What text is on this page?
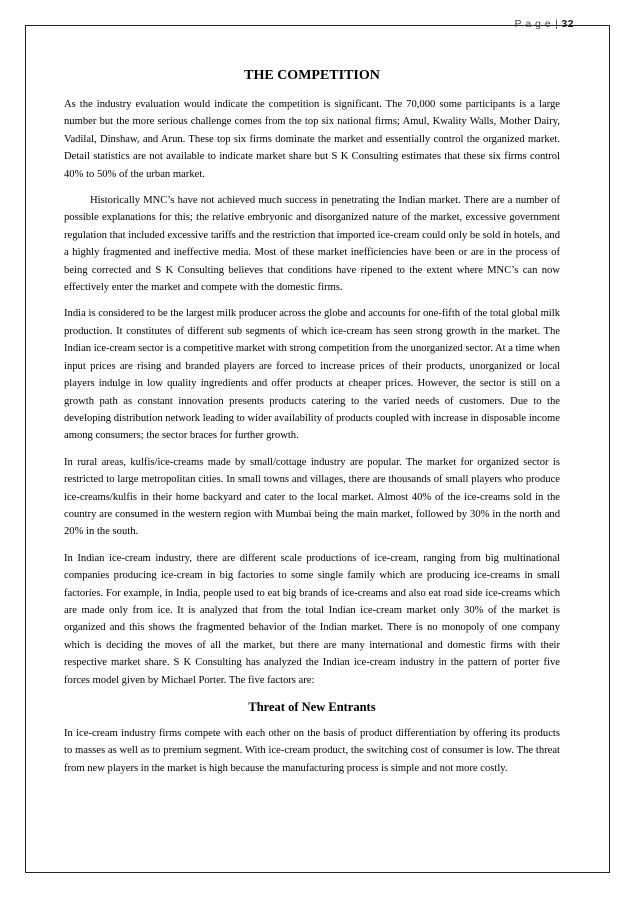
P a g e | 32
THE COMPETITION

As the industry evaluation would indicate the competition is significant. The 70,000 some participants is a large number but the more serious challenge comes from the top six national firms; Amul, Kwality Walls, Mother Dairy, Vadilal, Dinshaw, and Arun. These top six firms dominate the market and essentially control the organized market. Detail statistics are not available to indicate market share but S K Consulting estimates that these six firms control 40% to 50% of the urban market.

Historically MNC’s have not achieved much success in penetrating the Indian market. There are a number of possible explanations for this; the relative embryonic and disorganized nature of the market, excessive government regulation that included excessive tariffs and the restriction that imported ice-cream could only be sold in hotels, and a highly fragmented and ineffective media. Most of these market inefficiencies have been or are in the process of being corrected and S K Consulting believes that conditions have ripened to the extent where MNC’s can now effectively enter the market and compete with the domestic firms.

India is considered to be the largest milk producer across the globe and accounts for one-fifth of the total global milk production. It constitutes of different sub segments of which ice-cream has seen strong growth in the market. The Indian ice-cream sector is a competitive market with strong competition from the unorganized sector. At a time when input prices are rising and branded players are forced to increase prices of their products, unorganized or local players indulge in low quality ingredients and offer products at cheaper prices. However, the sector is still on a growth path as constant innovation presents products catering to the varied needs of customers. Due to the developing distribution network leading to wider availability of products coupled with increase in disposable income among consumers; the sector braces for further growth.

In rural areas, kulfis/ice-creams made by small/cottage industry are popular. The market for organized sector is restricted to large metropolitan cities. In small towns and villages, there are thousands of small players who produce ice-creams/kulfis in their home backyard and cater to the local market. Almost 40% of the ice-creams sold in the country are consumed in the western region with Mumbai being the main market, followed by 30% in the north and 20% in the south.

In Indian ice-cream industry, there are different scale productions of ice-cream, ranging from big multinational companies producing ice-cream in big factories to some single family which are producing ice-creams in small factories. For example, in India, people used to eat big brands of ice-creams and also eat road side ice-creams which are made only from ice. It is analyzed that from the total Indian ice-cream market only 30% of the market is organized and this shows the fragmented behavior of the Indian market. There is no monopoly of one company which is deciding the moves of all the market, but there are many international and domestic firms with their respective market share. S K Consulting has analyzed the Indian ice-cream industry in the pattern of porter five forces model given by Michael Porter. The five factors are:

Threat of New Entrants

In ice-cream industry firms compete with each other on the basis of product differentiation by offering its products to masses as well as to premium segment. With ice-cream product, the switching cost of consumer is low. The threat from new players in the market is high because the manufacturing process is simple and not more costly.
